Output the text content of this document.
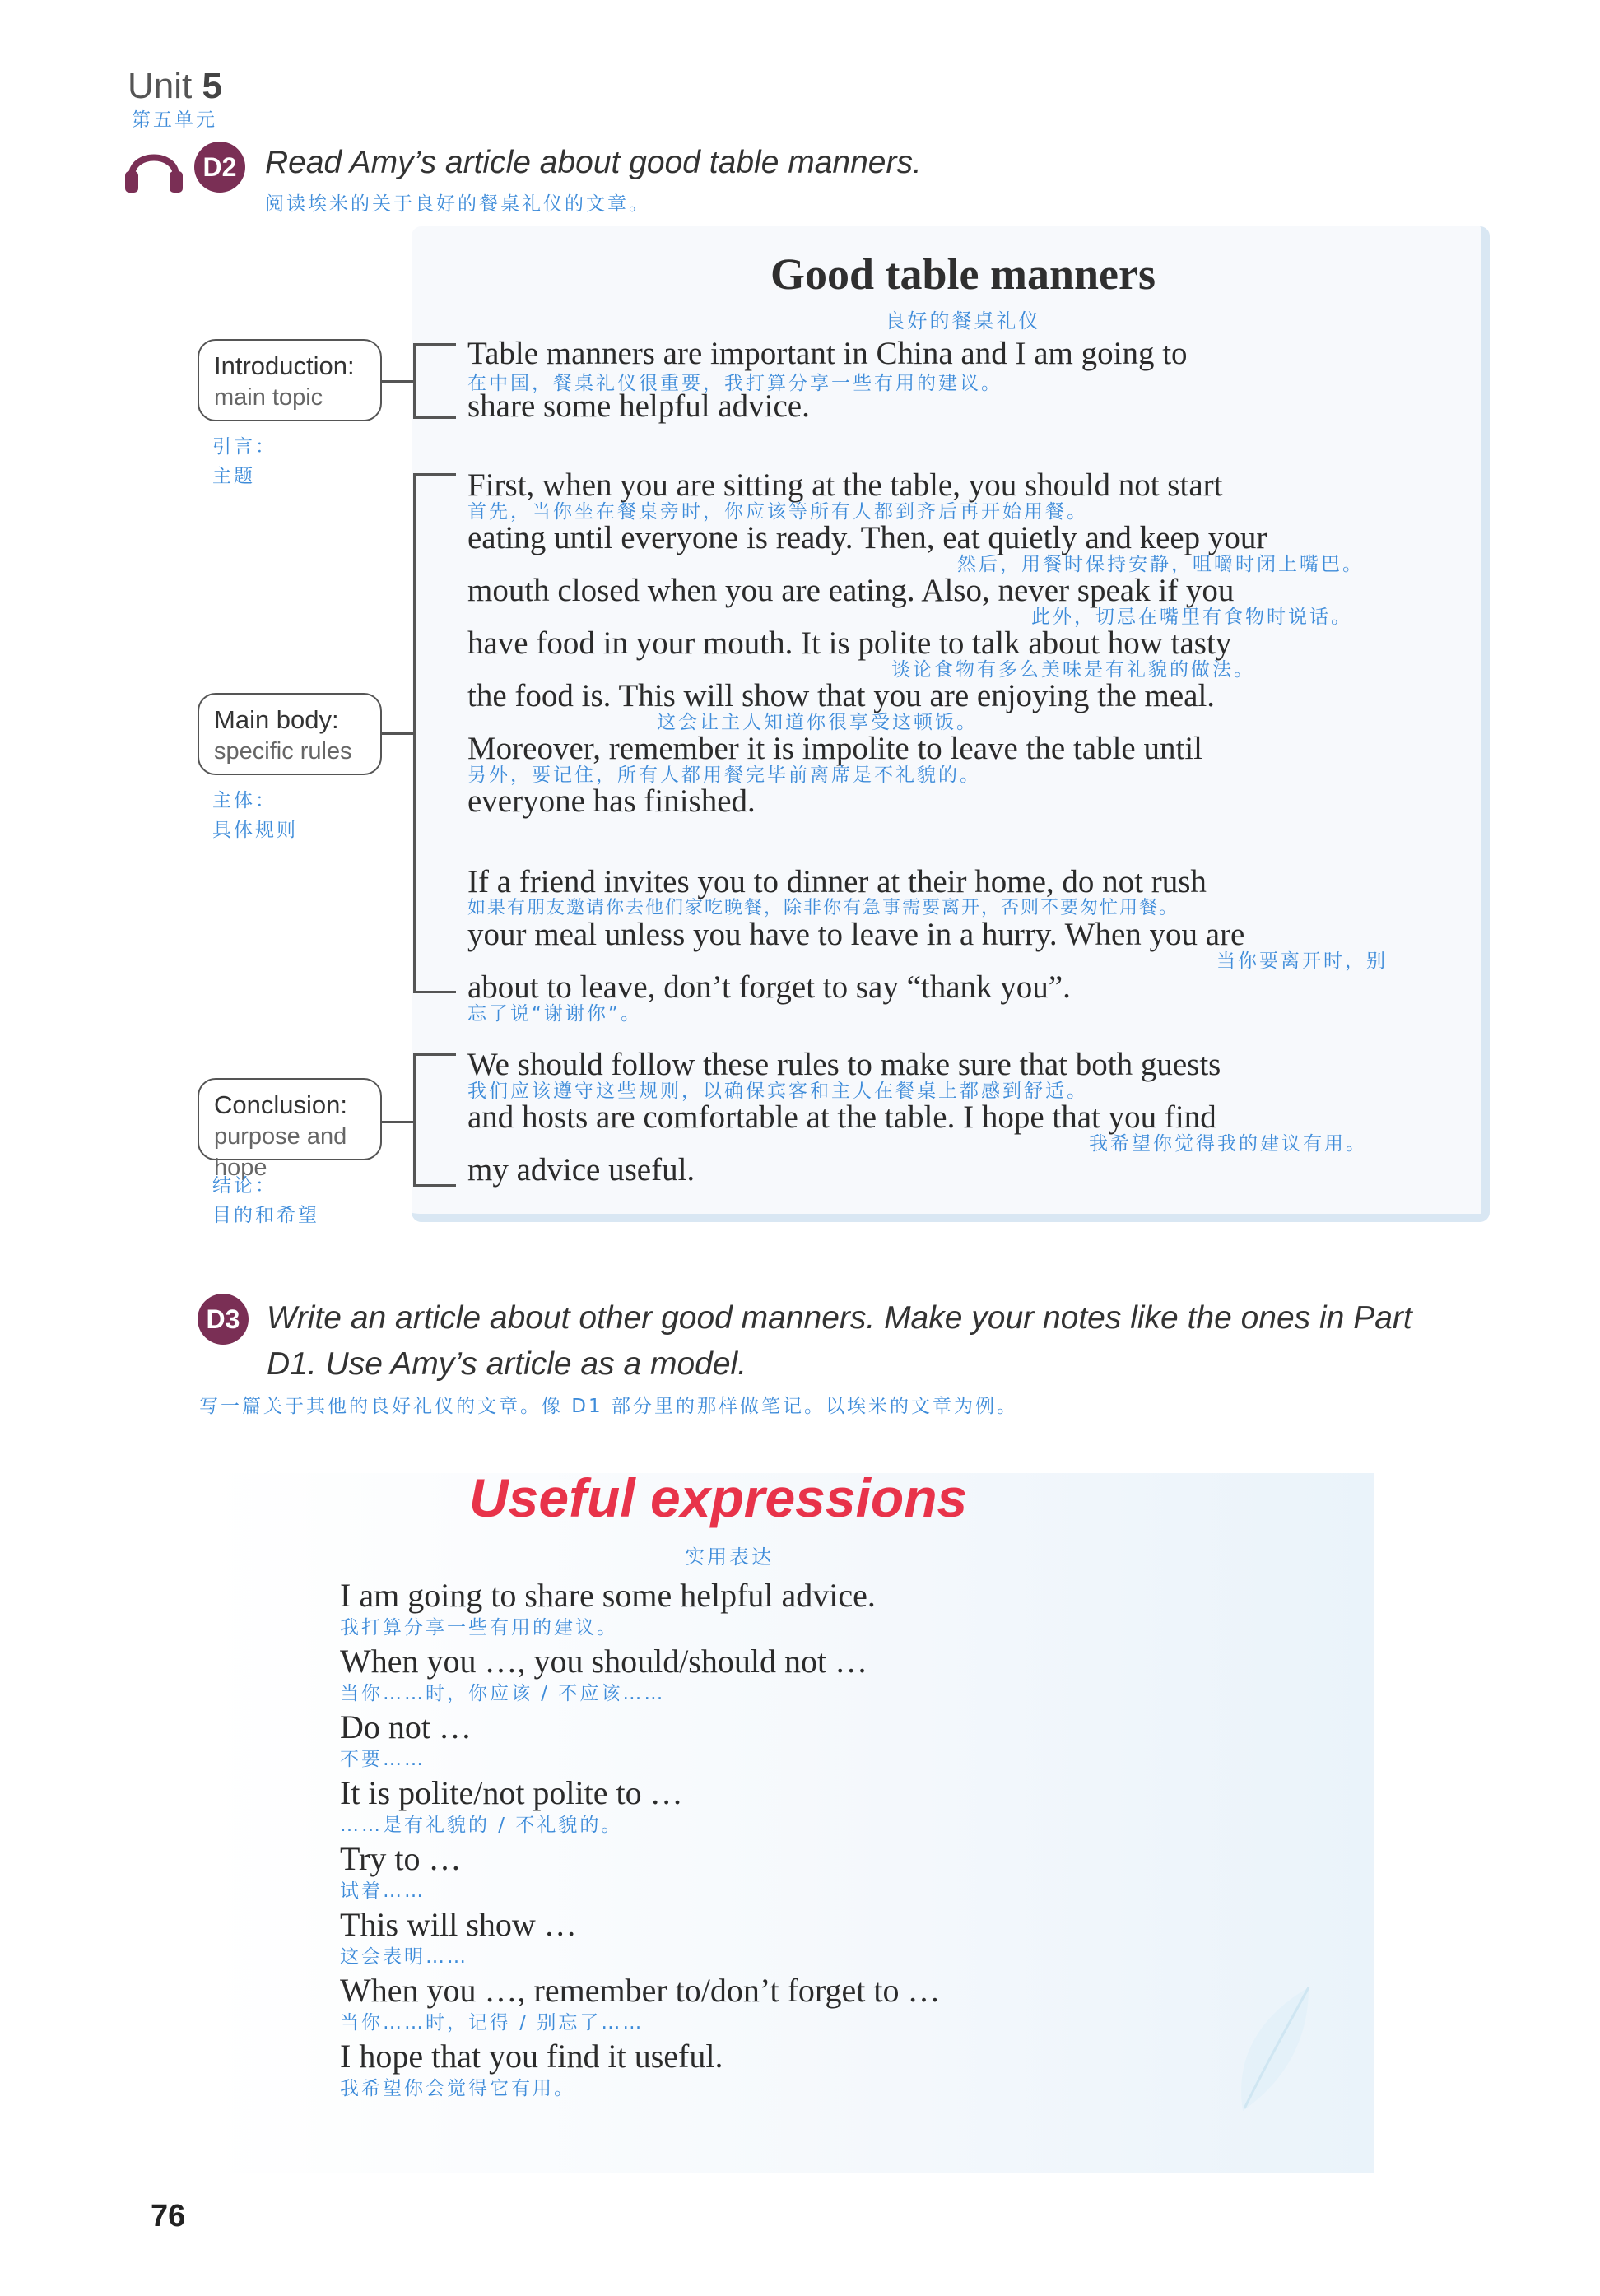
Unit 5
第五单元
D2 Read Amy’s article about good table manners.
阅读埃米的关于良好的餐桌礼仪的文章。
Good table manners
良好的餐桌礼仪

Table manners are important in China and I am going to

share some helpful advice.

在中国，餐桌礼仪很重要，我打算分享一些有用的建议。

First, when you are sitting at the table, you should not start

eating until everyone is ready. Then, eat quietly and keep your

mouth closed when you are eating. Also, never speak if you

have food in your mouth. It is polite to talk about how tasty

the food is. This will show that you are enjoying the meal.

Moreover, remember it is impolite to leave the table until

everyone has finished.

首先，当你坐在餐桌旁时，你应该等所有人都到齐后再开始用餐。
然后，用餐时保持安静，咀嚼时闭上嘴巴。
此外，切忌在嘴里有食物时说话。
谈论食物有多么美味是有礼貌的做法。
这会让主人知道你很享受这顿饭。
另外，要记住，所有人都用餐完毕前离席是不礼貌的。

If a friend invites you to dinner at their home, do not rush

your meal unless you have to leave in a hurry. When you are

about to leave, don’t forget to say “thank you”.

如果有朋友邀请你去他们家吃晚餐，除非你有急事需要离开，否则不要匆忙用餐。
当你要离开时，别
忘了说“谢谢你”。

We should follow these rules to make sure that both guests

and hosts are comfortable at the table. I hope that you find

my advice useful.

我们应该遵守这些规则，以确保宾客和主人在餐桌上都感到舒适。
我希望你觉得我的建议有用。
Introduction:
main topic
引言：
主题
Main body:
specific rules
主体：
具体规则
Conclusion:
purpose and hope
结论：
目的和希望
D3 Write an article about other good manners. Make your notes like the ones in Part D1. Use Amy’s article as a model.
写一篇关于其他的良好礼仪的文章。像 D1 部分里的那样做笔记。以埃米的文章为例。
Useful expressions
实用表达
I am going to share some helpful advice.
我打算分享一些有用的建议。
When you …, you should/should not …
当你……时，你应该 / 不应该……
Do not …
不要……
It is polite/not polite to …
……是有礼貌的 / 不礼貌的。
Try to …
试着……
This will show …
这会表明……
When you …, remember to/don’t forget to …
当你……时，记得 / 别忘了……
I hope that you find it useful.
我希望你会觉得它有用。
76
